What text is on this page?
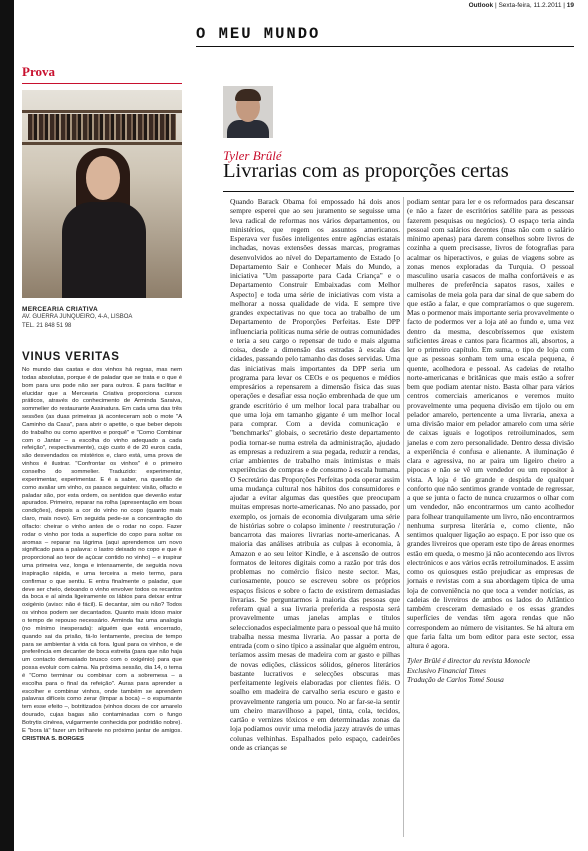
Outlook | Sexta-feira, 11.2.2011 | 19
O MEU MUNDO
Prova
MERCEARIA CRIATIVA
AV. GUERRA JUNQUEIRO, 4-A, LISBOA
TEL. 21 848 51 98
VINUS VERITAS
No mundo das castas e dos vinhos há regras, mas nem todas absolutas, porque é de paladar que se trata e o que é bom para uns pode não ser para outros. É para facilitar e elucidar que a Mercearia Criativa proporciona cursos práticos, através do conhecimento de Arminda Saraiva, sommelier do restaurante Assinatura. Em cada uma das três sessões (as duas primeiras já aconteceram sob o mote "A Caminho da Casa", para abrir o apetite, o que beber depois do trabalho ou como aperitivo e porquê" e "Como Combinar com o Jantar – a escolha do vinho adequado a cada refeição", respectivamente), cujo custo é de 20 euros cada, são desvendados os mistérios e, claro está, uma prova de vinhos é ilustrar. "Confrontar os vinhos" é o primeiro conselho do sommelier. Traduzido: experimentar, experimentar, experimentar. E é a saber, na questão de como avaliar um vinho, os passos seguintes: visão, olfacto e paladar são, por esta ordem, os sentidos que deverão estar apurados. Primeiro, reparar na rolha (apresentação em boas condições), depois a cor do vinho no copo (quanto mais claro, mais novo). Em seguida pede-se a concentração do olfacto: cheirar o vinho antes de o rodar no copo. Fazer rodar o vinho por toda a superfície do copo para soltar os aromas – reparar na lágrima (aqui aprendemos um novo significado para a palavra: o lastro deixado no copo e que é proporcional ao teor de açúcar contido no vinho) – e inspirar uma primeira vez, longa e intensamente, de seguida nova inspiração rápida, e uma terceira a meio termo, para confirmar o que sentiu. E entra finalmente o paladar, que deve ser cheio, deixando o vinho envolver todos os recantos da boca e aí ainda ligeiramente os lábios para deixar entrar oxigénio (aviso: não é fácil). E decantar, sim ou não? Todos os vinhos podem ser decantados. Quanto mais idoso maior o tempo de repouso necessário. Arminda faz uma analogia (no mínimo inesperada): alguém que está encerrado, quando sai da prisão, fá-lo lentamente, precisa de tempo para se ambientar à vida cá fora. Igual para os vinhos, e de preferência em decanter de boca estreita (para que não haja um contacto demasiado brusco com o oxigénio) para que possa evoluir com calma. Na próxima sessão, dia 14, o tema é "Como terminar ou combinar com a sobremesa – a escolha para o final da refeição". Auras para aprender a escolher e combinar vinhos, onde também se aprendem palavras difíceis como zerar (limpar a boca) – o espumante tem esse efeito –, botritizados (vinhos doces de cor amarelo dourado, cujas bagas são contaminadas com o fungo Botrytis cinérea, vulgarmente conhecida por podridão nobre). E "bora lá" fazer um brilharete no próximo jantar de amigos. CRISTINA S. BORGES
Tyler Brûlé
Livrarias com as proporções certas
Quando Barack Obama foi empossado há dois anos sempre esperei que ao seu juramento se seguisse uma leva radical de reformas nos vários departamentos, ou ministérios, que regem os assuntos americanos. Esperava ver fusões inteligentes entre agências estatais inchadas, novas extensões dessas marcas, programas desenvolvidos ao nível do Departamento de Estado [o Departamento Sair e Conhecer Mais do Mundo, a iniciativa "Um passaporte para Cada Criança" e o Departamento Construir Embaixadas com Melhor Aspecto] e toda uma série de iniciativas com vista a melhorar a nossa qualidade de vida. E sempre tive grandes expectativas no que toca ao trabalho de um Departamento de Proporções Perfeitas. Este DPP influenciaria políticas numa série de outras comunidades e teria a seu cargo o repensar de tudo e mais alguma coisa, desde a dimensão das estradas à escala das cidades, passando pelo tamanho das doses servidas. Uma das iniciativas mais importantes da DPP seria um programa para levar os CEOs e os pequenos e médios empresários a repensarem a dimensão física das suas operações e desafiar essa noção embrenhada de que um grande escritório é um melhor local para trabalhar ou que uma loja em tamanho gigante é um melhor local para comprar. Com a devida comunicação e "benchmarks" globais, o secretário deste departamento podia tornar-se numa estrela da administração, ajudado as empresas a reduzirem a sua pegada, reduzir a rendas, criar ambientes de trabalho mais íntimistas e mais experiências de compras e de consumo à escala humana. O Secretário das Proporções Perfeitas poda operar assim uma mudança cultural nos hábitos dos consumidores e ajudar a evitar algumas das questões que preocupam muitas empresas norte-americanas. No ano passado, por exemplo, os jornais de economia divulgaram uma série de histórias sobre o colapso iminente / reestruturação / bancarrota das maiores livrarias norte-americanas. A maioria das análises atribuía as culpas à economia, à Amazon e ao seu leitor Kindle, e à ascensão de outros formatos de leitores digitais como a razão por trás dos problemas no comércio físico neste sector. Mas, curiosamente, pouco se escreveu sobre os próprios espaços físicos e sobre o facto de existirem demasiadas livrarias. Se perguntarmos à maioria das pessoas que referam qual a sua livraria preferida a resposta será provavelmente umas janelas amplas e títulos seleccionados especialmente para o pessoal que há muito trabalha nessa mesma livraria. Ao passar a porta de entrada (com o sino típico a assinalar que alguém entrou, teríamos assim mesas de madeira com ar gasto e pilhas de novas edições, clássicos sólidos, géneros literários bastante lucrativos e selecções obscuras mas perfeitamente legíveis elaboradas por clientes fiéis. O soalho em madeira de carvalho seria escuro e gasto e provavelmente rangeria um pouco. No ar far-se-ia sentir um cheiro maravilhoso a papel, tinta, cola, tecidos, cartão e vernizes tóxicos e em determinadas zonas da loja podíamos ouvir uma melodia jazzy através de umas colunas velhinhas. Espalhados pelo espaço, cadeirões onde as crianças se
podiam sentar para ler e os reformados para descansar (e não a fazer de escritórios satélite para as pessoas fazerem pesquisas ou negócios). O espaço teria ainda pessoal com salários decentes (mas não com o salário mínimo apenas) para darem conselhos sobre livros de cozinha a quem precisasse, livros de fotografias para acalmar os hiperactivos, e guias de viagens sobre as zonas menos exploradas da Turquia. O pessoal masculino usaria casacos de malha confortáveis e as mulheres de preferência sapatos rasos, xailes e camisolas de meia gola para dar sinal de que sabem do que estão a falar, e que compraríamos o que sugerem. Mas o pormenor mais importante seria provavelmente o facto de podermos ver a loja até ao fundo e, uma vez dentro da mesma, descobríssemos que existem suficientes áreas e cantos para ficarmos ali, absortos, a ler o primeiro capítulo. Em suma, o tipo de loja com que as pessoas sonham tem uma escala pequena, é quente, acolhedora e pessoal. As cadeias de retalho norte-americanas e britânicas que mais estão a sofrer bem que podiam atentar nisto. Basta olhar para vários centros comerciais americanos e veremos muito provavelmente uma pequena divisão em tijolo ou em pelador amarelo, pertencente a uma livraria, anexa a uma divisão maior em pelador amarelo com uma série de caixas iguais e logotipos retroiluminados, sem janelas e com zero personalidade. Dentro dessa divisão a experiência é confusa e alienante. A iluminação é clara e agressiva, no ar paira um ligeiro cheiro a pipocas e não se vê um vendedor ou um repositor à vista. A loja é tão grande e despida de qualquer conforto que não sentimos grande vontade de regressar, a que se junta o facto de nunca cruzarmos o olhar com um vendedor, não encontrarmos um canto acolhedor para folhear tranquilamente um livro, não encontrarmos nenhuma surpresa literária e, como cliente, não sentimos qualquer ligação ao espaço. E por isso que os grandes livreiros que operam este tipo de áreas enormes estão em queda, o mesmo já não acontecendo aos livros electrónicos e aos vários ecrãs retroiluminados. E assim como os quiosques estão prejudicar as empresas de jornais e revistas com a sua abordagem típica de uma loja de conveniência no que toca a vender notícias, as cadeias de livreiros de ambos os lados do Atlântico também cresceram demasiado e os essas grandes superfícies de vendas têm agora rendas que não correspondem ao número de visitantes. Se há altura em que faria falta um bom editor para este sector, essa altura é agora.
Tyler Brûlé é director da revista Monocle
Exclusivo Financial Times
Tradução de Carlos Tomé Sousa
